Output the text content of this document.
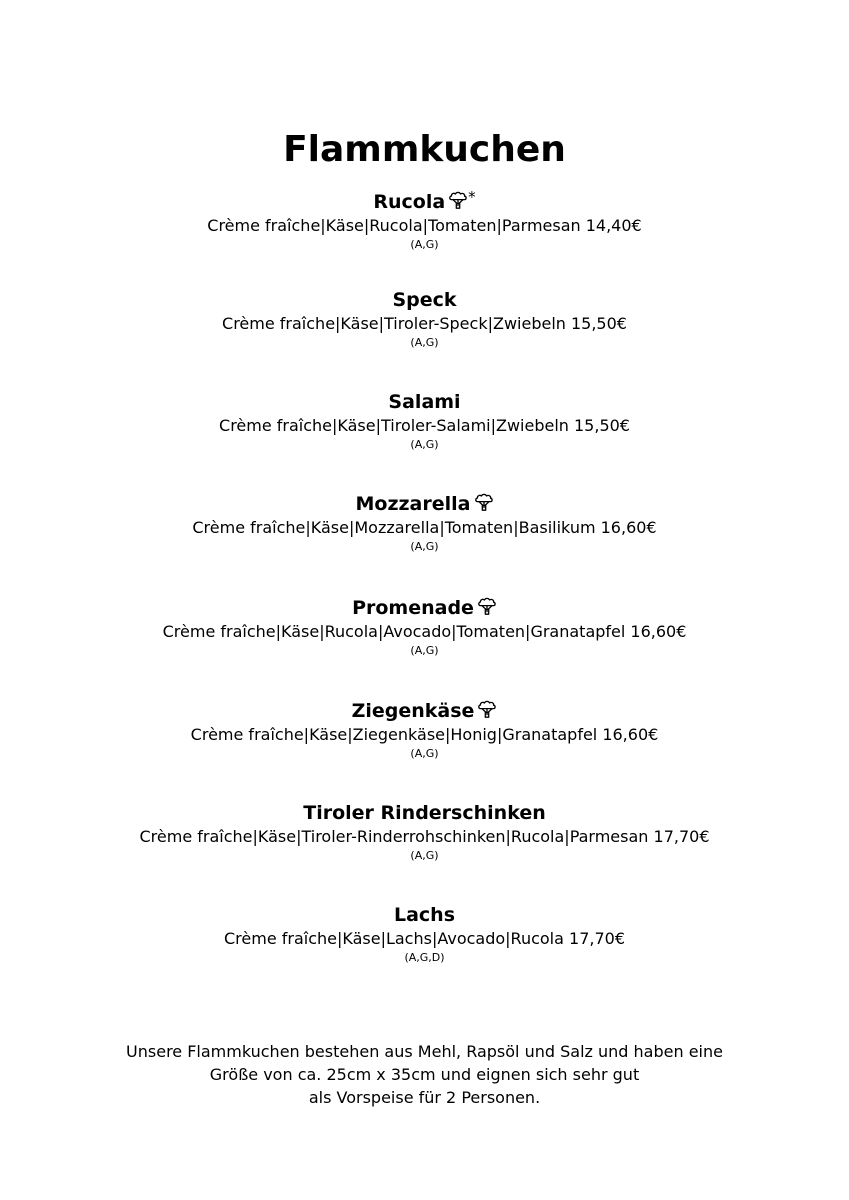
Flammkuchen
Rucola *
Crème fraîche|Käse|Rucola|Tomaten|Parmesan 14,40€
(A,G)
Speck
Crème fraîche|Käse|Tiroler-Speck|Zwiebeln 15,50€
(A,G)
Salami
Crème fraîche|Käse|Tiroler-Salami|Zwiebeln 15,50€
(A,G)
Mozzarella
Crème fraîche|Käse|Mozzarella|Tomaten|Basilikum 16,60€
(A,G)
Promenade
Crème fraîche|Käse|Rucola|Avocado|Tomaten|Granatapfel 16,60€
(A,G)
Ziegenkäse
Crème fraîche|Käse|Ziegenkäse|Honig|Granatapfel 16,60€
(A,G)
Tiroler Rinderschinken
Crème fraîche|Käse|Tiroler-Rinderrohschinken|Rucola|Parmesan 17,70€
(A,G)
Lachs
Crème fraîche|Käse|Lachs|Avocado|Rucola 17,70€
(A,G,D)
Unsere Flammkuchen bestehen aus Mehl, Rapsöl und Salz und haben eine
Größe von ca. 25cm x 35cm und eignen sich sehr gut
als Vorspeise für 2 Personen.
